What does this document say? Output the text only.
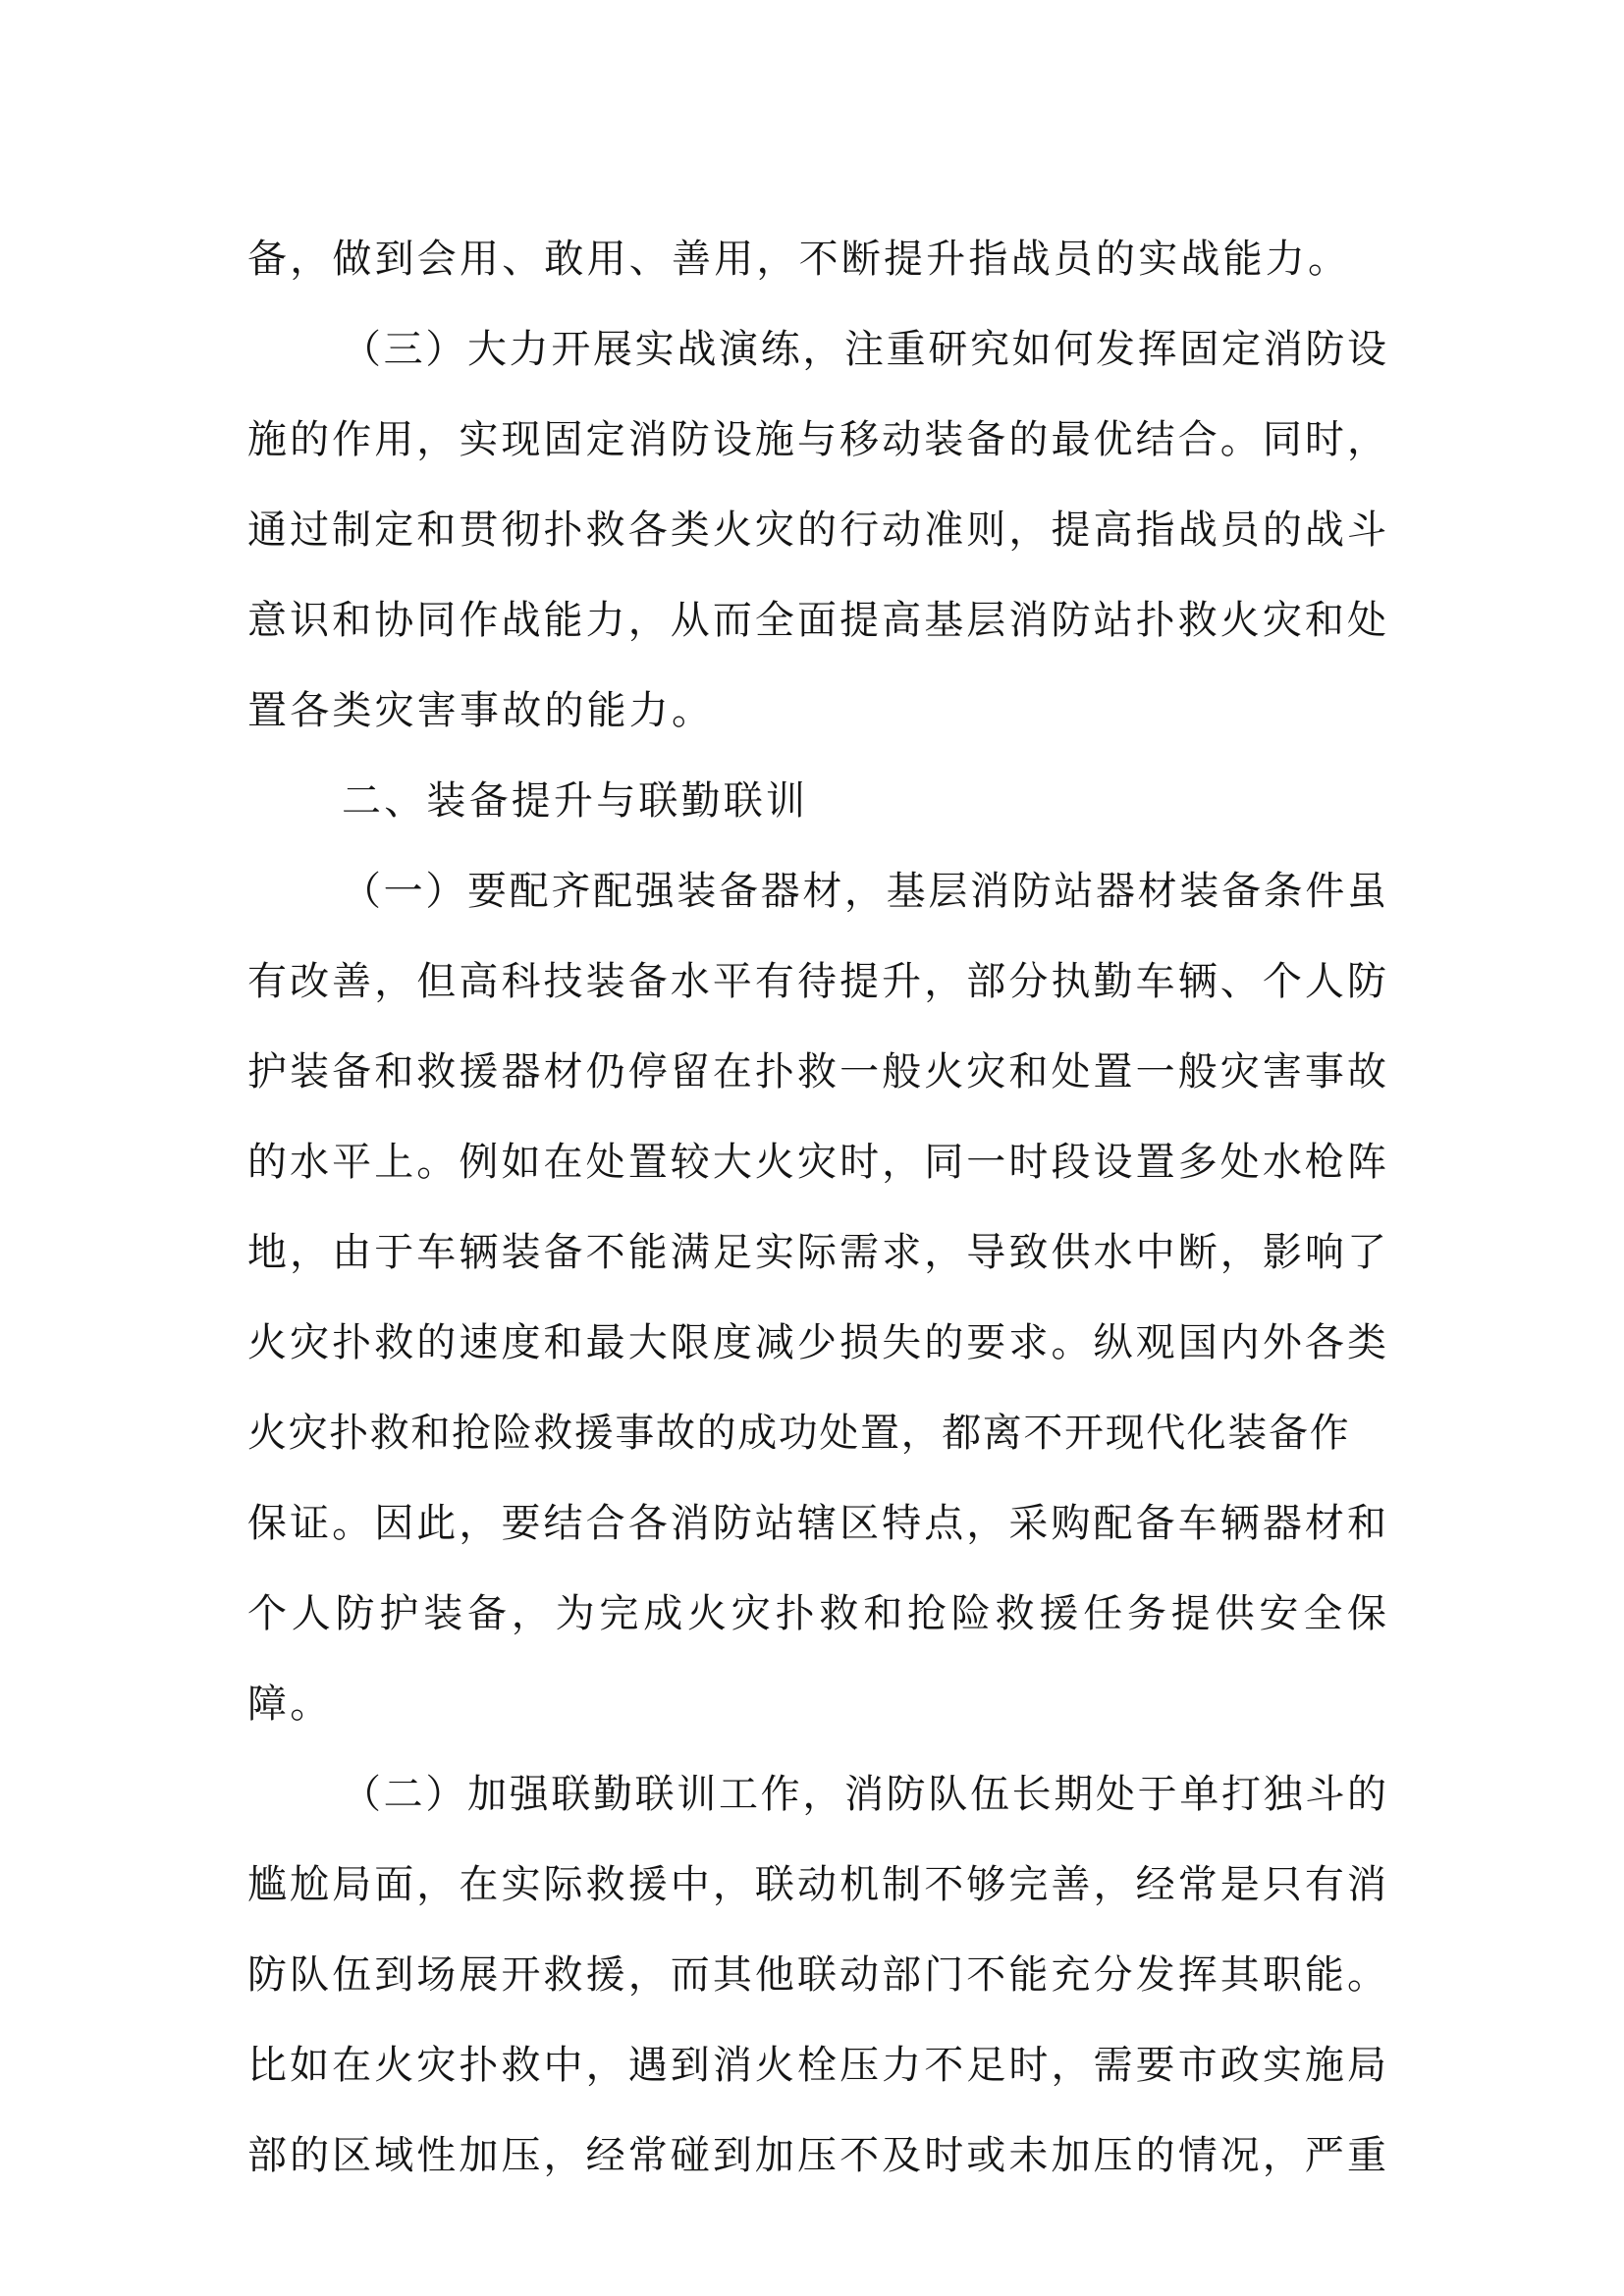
备，做到会用、敢用、善用，不断提升指战员的实战能力。
（三）大力开展实战演练，注重研究如何发挥固定消防设
施的作用，实现固定消防设施与移动装备的最优结合。同时，
通过制定和贯彻扑救各类火灾的行动准则，提高指战员的战斗
意识和协同作战能力，从而全面提高基层消防站扑救火灾和处
置各类灾害事故的能力。
二、装备提升与联勤联训
（一）要配齐配强装备器材，基层消防站器材装备条件虽
有改善，但高科技装备水平有待提升，部分执勤车辆、个人防
护装备和救援器材仍停留在扑救一般火灾和处置一般灾害事故
的水平上。例如在处置较大火灾时，同一时段设置多处水枪阵
地，由于车辆装备不能满足实际需求，导致供水中断，影响了
火灾扑救的速度和最大限度减少损失的要求。纵观国内外各类
火灾扑救和抢险救援事故的成功处置，都离不开现代化装备作
保证。因此，要结合各消防站辖区特点，采购配备车辆器材和
个人防护装备，为完成火灾扑救和抢险救援任务提供安全保
障。
（二）加强联勤联训工作，消防队伍长期处于单打独斗的
尴尬局面，在实际救援中，联动机制不够完善，经常是只有消
防队伍到场展开救援，而其他联动部门不能充分发挥其职能。
比如在火灾扑救中，遇到消火栓压力不足时，需要市政实施局
部的区域性加压，经常碰到加压不及时或未加压的情况，严重
